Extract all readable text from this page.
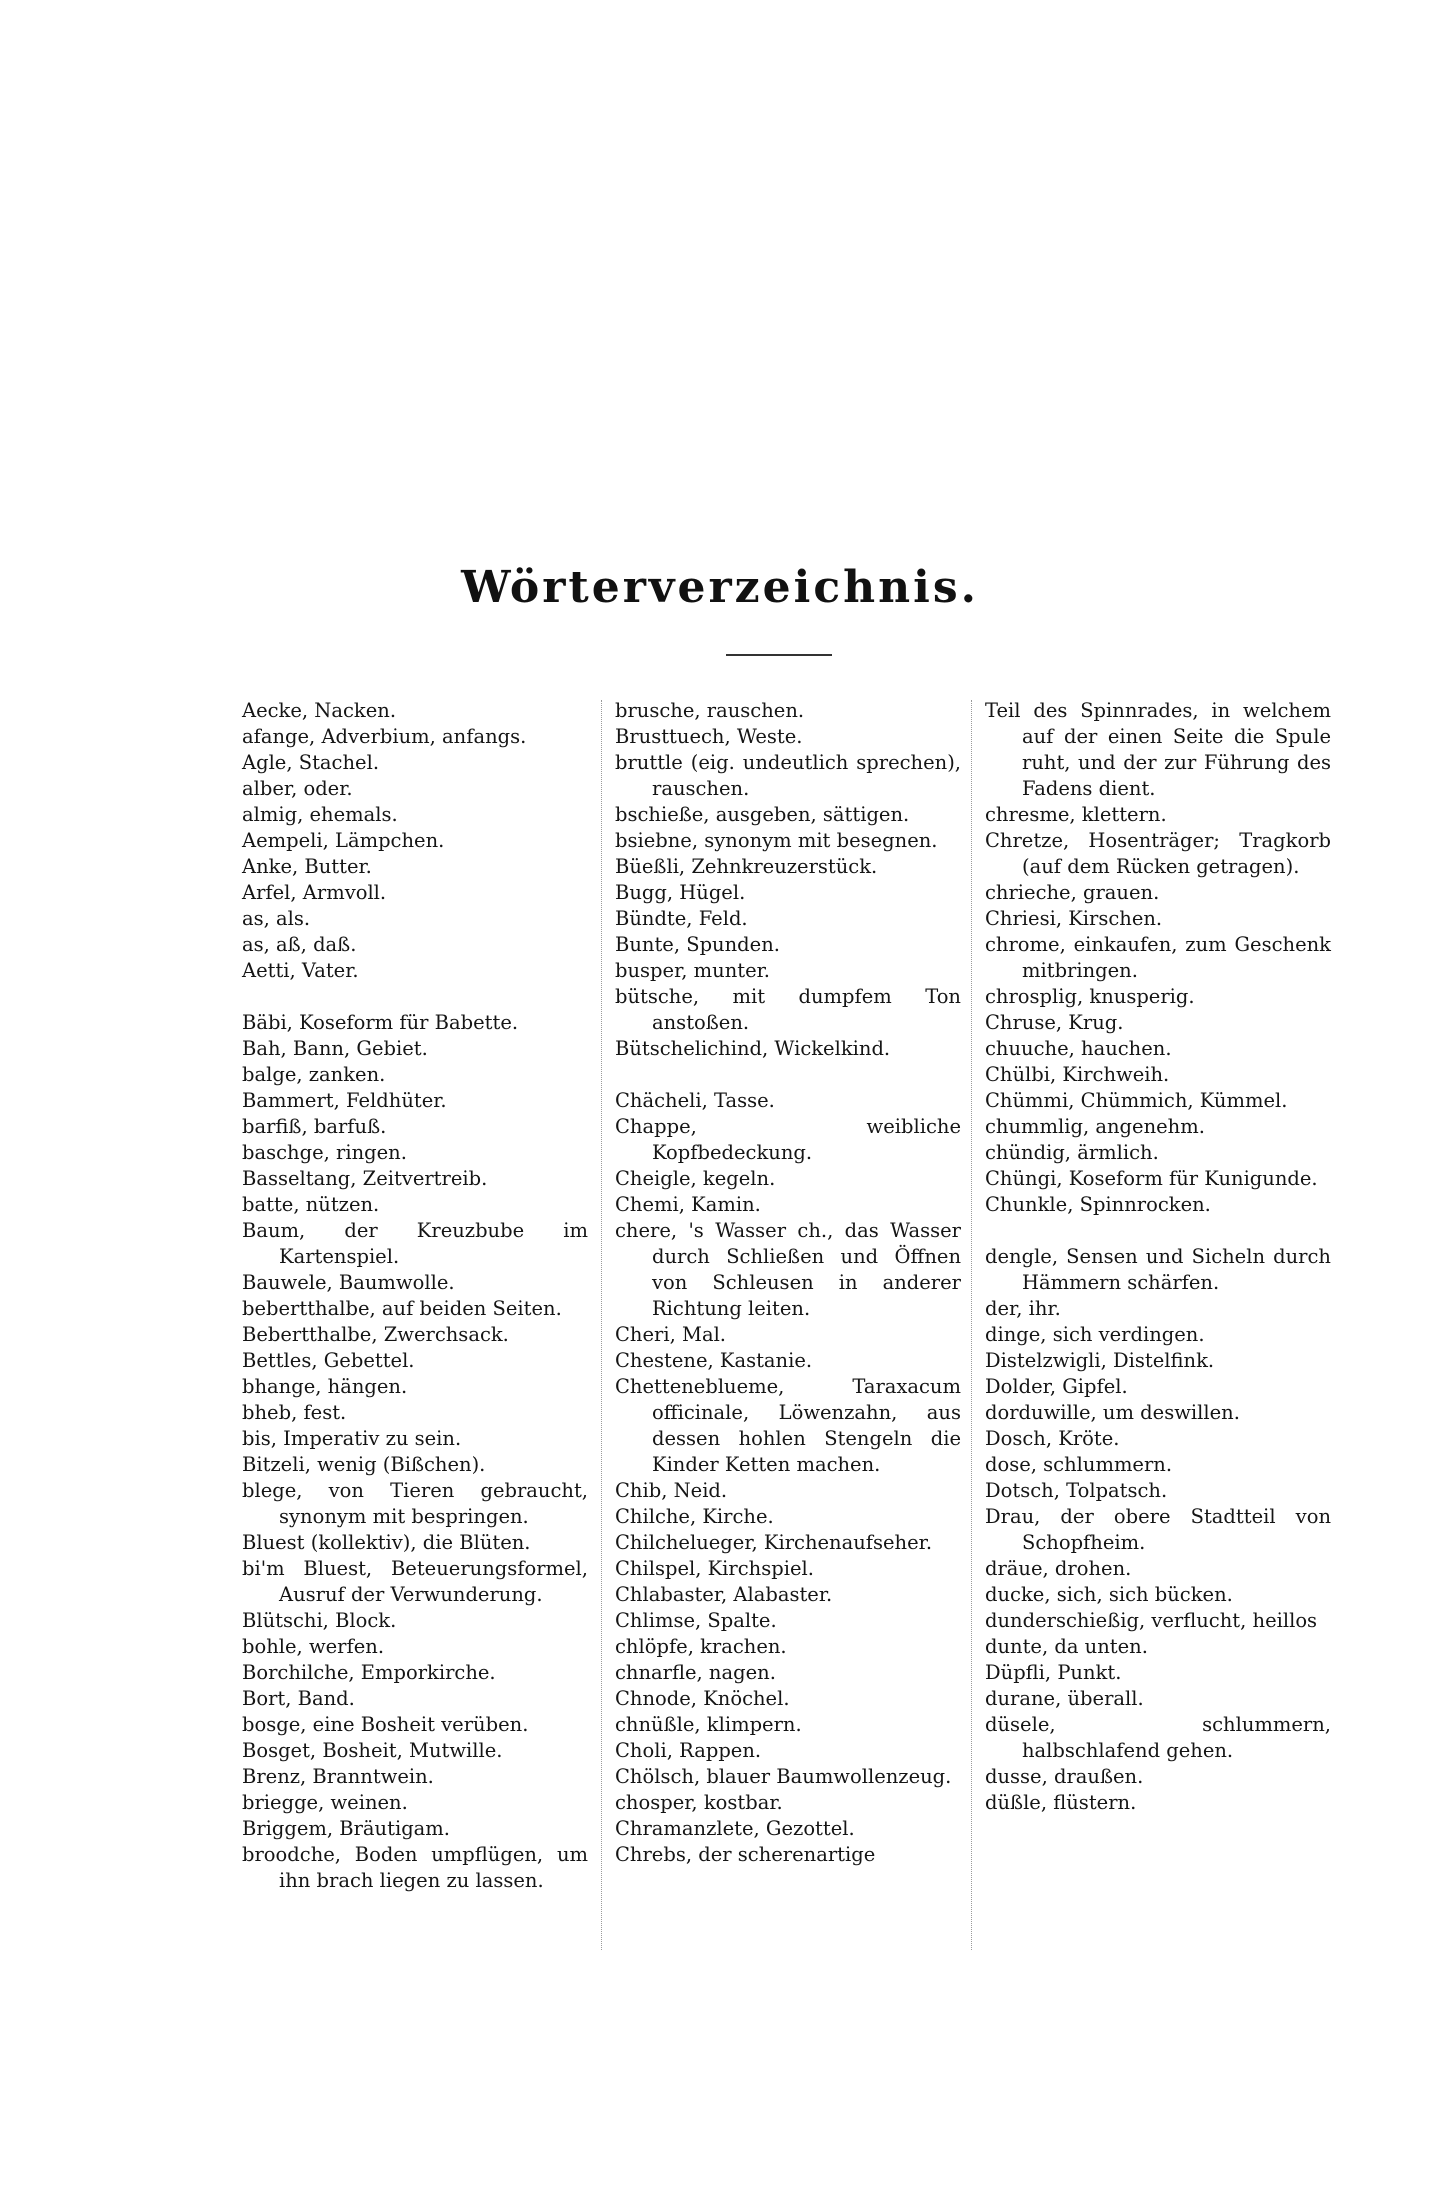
Wörterverzeichnis.

Aecke, Nacken.

afange, Adverbium, anfangs.

Agle, Stachel.

alber, oder.

almig, ehemals.

Aempeli, Lämpchen.

Anke, Butter.

Arfel, Armvoll.

as, als.

as, aß, daß.

Aetti, Vater.

Bäbi, Koseform für Babette.

Bah, Bann, Gebiet.

balge, zanken.

Bammert, Feldhüter.

barfiß, barfuß.

baschge, ringen.

Basseltang, Zeitvertreib.

batte, nützen.

Baum, der Kreuzbube im Kartenspiel.

Bauwele, Baumwolle.

bebertthalbe, auf beiden Seiten.

Bebertthalbe, Zwerchsack.

Bettles, Gebettel.

bhange, hängen.

bheb, fest.

bis, Imperativ zu sein.

Bitzeli, wenig (Bißchen).

blege, von Tieren gebraucht, synonym mit bespringen.

Bluest (kollektiv), die Blüten.

bi'm Bluest, Beteuerungsformel, Ausruf der Verwunderung.

Blütschi, Block.

bohle, werfen.

Borchilche, Emporkirche.

Bort, Band.

bosge, eine Bosheit verüben.

Bosget, Bosheit, Mutwille.

Brenz, Branntwein.

briegge, weinen.

Briggem, Bräutigam.

broodche, Boden umpflügen, um ihn brach liegen zu lassen.

brusche, rauschen.

Brusttuech, Weste.

bruttle (eig. undeutlich sprechen), rauschen.

bschieße, ausgeben, sättigen.

bsiebne, synonym mit besegnen.

Büeßli, Zehnkreuzerstück.

Bugg, Hügel.

Bündte, Feld.

Bunte, Spunden.

busper, munter.

bütsche, mit dumpfem Ton anstoßen.

Bütschelichind, Wickelkind.

Chächeli, Tasse.

Chappe, weibliche Kopfbedeckung.

Cheigle, kegeln.

Chemi, Kamin.

chere, 's Wasser ch., das Wasser durch Schließen und Öffnen von Schleusen in anderer Richtung leiten.

Cheri, Mal.

Chestene, Kastanie.

Chetteneblueme, Taraxacum officinale, Löwenzahn, aus dessen hohlen Stengeln die Kinder Ketten machen.

Chib, Neid.

Chilche, Kirche.

Chilchelueger, Kirchenaufseher.

Chilspel, Kirchspiel.

Chlabaster, Alabaster.

Chlimse, Spalte.

chlöpfe, krachen.

chnarfle, nagen.

Chnode, Knöchel.

chnüßle, klimpern.

Choli, Rappen.

Chölsch, blauer Baumwollenzeug.

chosper, kostbar.

Chramanzlete, Gezottel.

Chrebs, der scherenartige

Teil des Spinnrades, in welchem auf der einen Seite die Spule ruht, und der zur Führung des Fadens dient.

chresme, klettern.

Chretze, Hosenträger; Tragkorb (auf dem Rücken getragen).

chrieche, grauen.

Chriesi, Kirschen.

chrome, einkaufen, zum Geschenk mitbringen.

chrosplig, knusperig.

Chruse, Krug.

chuuche, hauchen.

Chülbi, Kirchweih.

Chümmi, Chümmich, Kümmel.

chummlig, angenehm.

chündig, ärmlich.

Chüngi, Koseform für Kunigunde.

Chunkle, Spinnrocken.

dengle, Sensen und Sicheln durch Hämmern schärfen.

der, ihr.

dinge, sich verdingen.

Distelzwigli, Distelfink.

Dolder, Gipfel.

dorduwille, um deswillen.

Dosch, Kröte.

dose, schlummern.

Dotsch, Tolpatsch.

Drau, der obere Stadtteil von Schopfheim.

dräue, drohen.

ducke, sich, sich bücken.

dunderschießig, verflucht, heillos

dunte, da unten.

Düpfli, Punkt.

durane, überall.

düsele, schlummern, halbschlafend gehen.

dusse, draußen.

düßle, flüstern.
